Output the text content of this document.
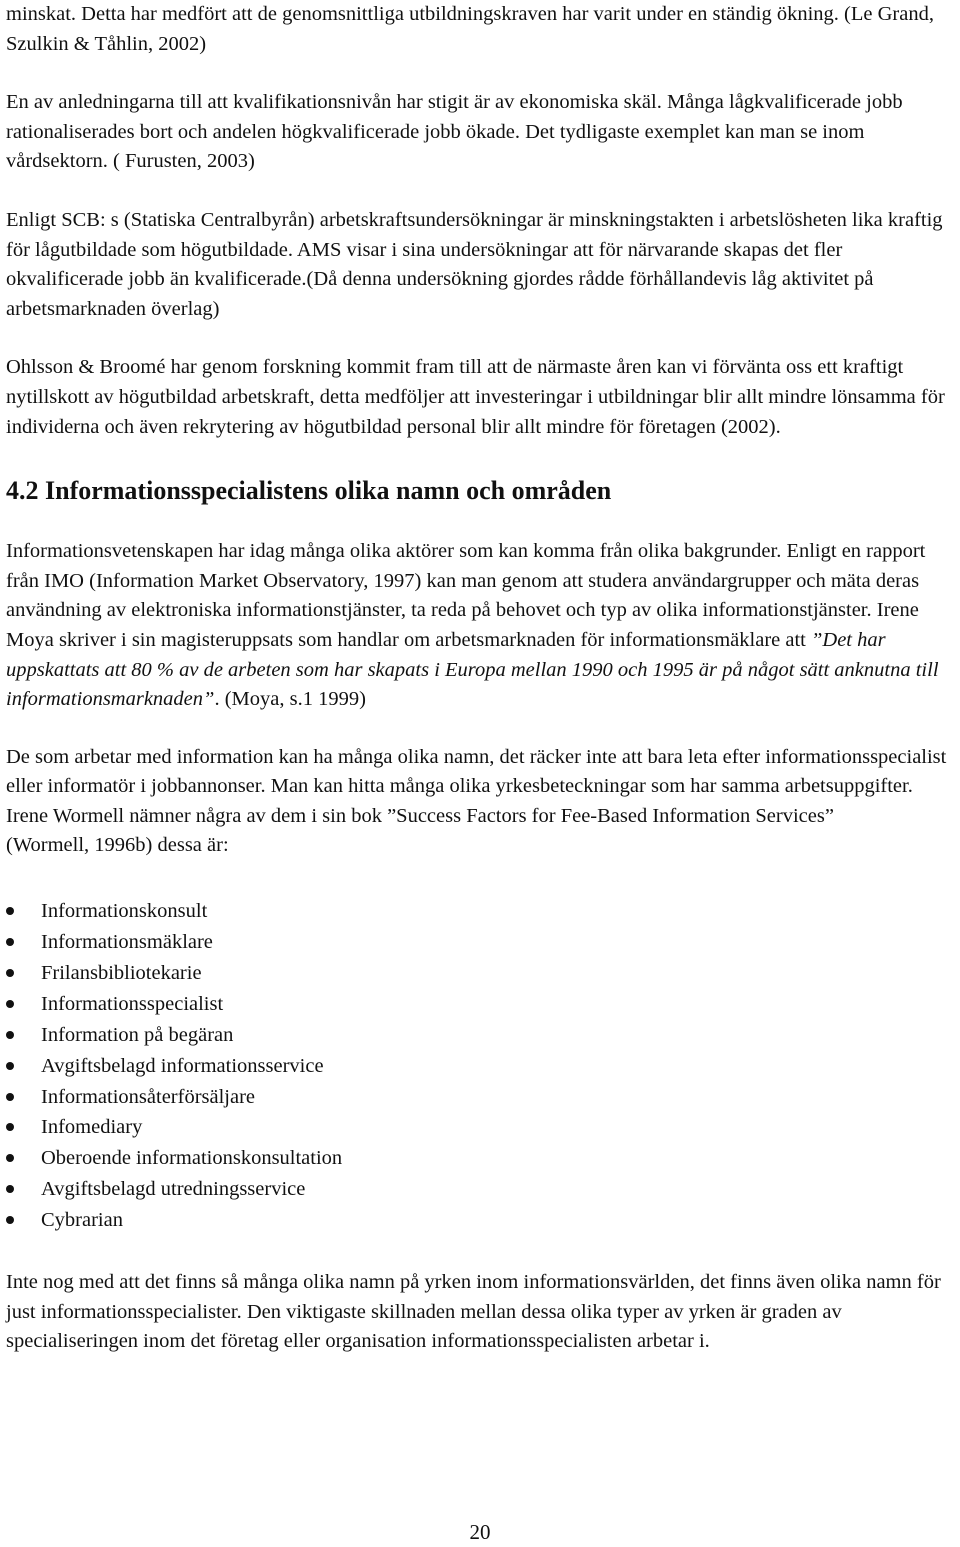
minskat. Detta har medfört att de genomsnittliga utbildningskraven har varit under en ständig ökning. (Le Grand, Szulkin & Tåhlin, 2002)

En av anledningarna till att kvalifikationsnivån har stigit är av ekonomiska skäl. Många lågkvalificerade jobb rationaliserades bort och andelen högkvalificerade jobb ökade. Det tydligaste exemplet kan man se inom vårdsektorn. ( Furusten, 2003)

Enligt SCB: s (Statiska Centralbyrån) arbetskraftsundersökningar är minskningstakten i arbetslösheten lika kraftig för lågutbildade som högutbildade. AMS visar i sina undersökningar att för närvarande skapas det fler okvalificerade jobb än kvalificerade.(Då denna undersökning gjordes rådde förhållandevis låg aktivitet på arbetsmarknaden överlag)

Ohlsson & Broomé har genom forskning kommit fram till att de närmaste åren kan vi förvänta oss ett kraftigt nytillskott av högutbildad arbetskraft, detta medföljer att investeringar i utbildningar blir allt mindre lönsamma för individerna och även rekrytering av högutbildad personal blir allt mindre för företagen (2002).

4.2 Informationsspecialistens olika namn och områden

Informationsvetenskapen har idag många olika aktörer som kan komma från olika bakgrunder. Enligt en rapport från IMO (Information Market Observatory, 1997) kan man genom att studera användargrupper och mäta deras användning av elektroniska informationstjänster, ta reda på behovet och typ av olika informationstjänster. Irene Moya skriver i sin magisteruppsats som handlar om arbetsmarknaden för informationsmäklare att ”Det har uppskattats att 80 % av de arbeten som har skapats i Europa mellan 1990 och 1995 är på något sätt anknutna till informationsmarknaden”. (Moya, s.1 1999)

De som arbetar med information kan ha många olika namn, det räcker inte att bara leta efter informationsspecialist eller informatör i jobbannonser. Man kan hitta många olika yrkesbeteckningar som har samma arbetsuppgifter. Irene Wormell nämner några av dem i sin bok ”Success Factors for Fee-Based Information Services”
(Wormell, 1996b) dessa är:

Informationskonsult
Informationsmäklare
Frilansbibliotekarie
Informationsspecialist
Information på begäran
Avgiftsbelagd informationsservice
Informationsåterförsäljare
Infomediary
Oberoende informationskonsultation
Avgiftsbelagd utredningsservice
Cybrarian

Inte nog med att det finns så många olika namn på yrken inom informationsvärlden, det finns även olika namn för just informationsspecialister. Den viktigaste skillnaden mellan dessa olika typer av yrken är graden av specialiseringen inom det företag eller organisation informationsspecialisten arbetar i.

20
